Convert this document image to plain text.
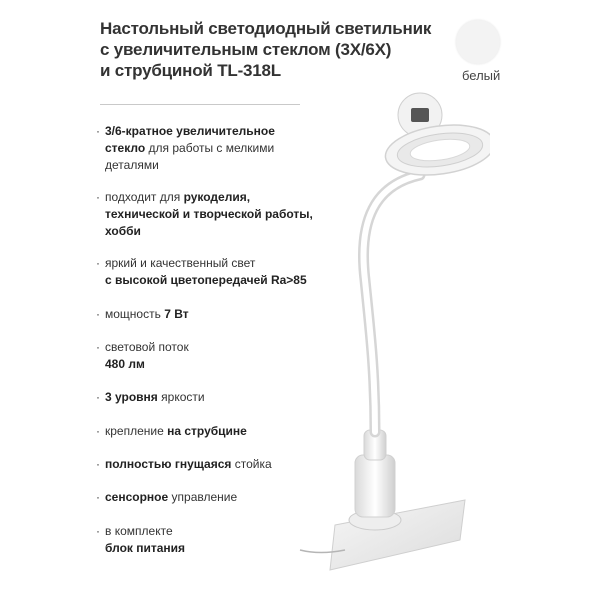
Настольный светодиодный светильник
с увеличительным стеклом (3X/6X)
и струбциной TL-318L	белый
· 3/6-кратное увеличительное
стекло для работы с мелкими
деталями
· подходит для рукоделия,
технической и творческой работы,
хобби
· яркий и качественный свет
с высокой цветопередачей Ra>85
· мощность 7 Вт
· световой поток
480 лм
· 3 уровня яркости
· крепление на струбцине
· полностью гнущаяся стойка
· сенсорное управление
· в комплекте
блок питания
